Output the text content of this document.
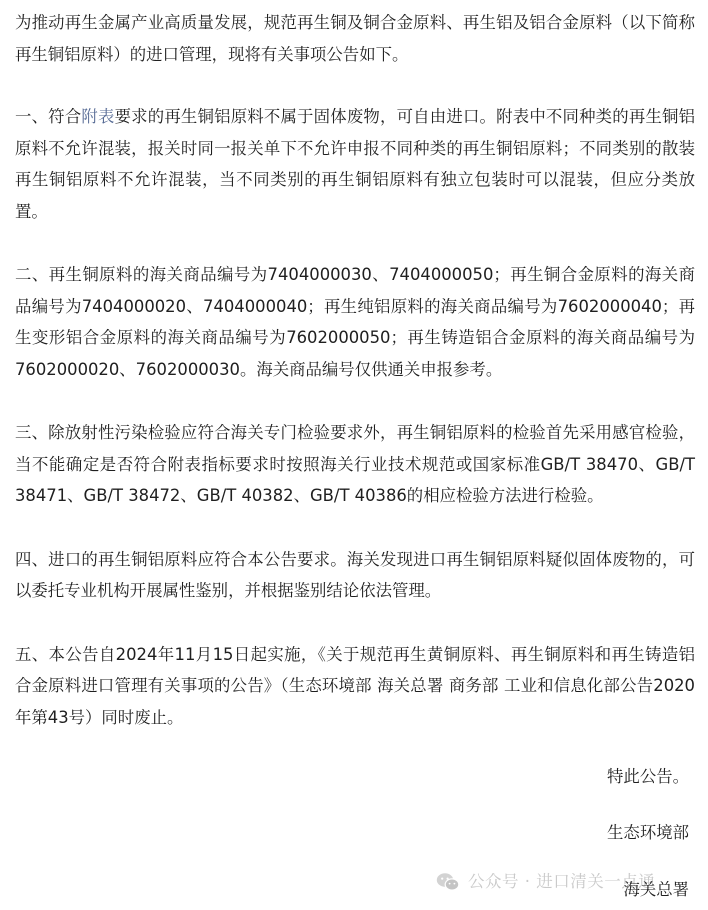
为推动再生金属产业高质量发展，规范再生铜及铜合金原料、再生铝及铝合金原料（以下简称再生铜铝原料）的进口管理，现将有关事项公告如下。

一、符合附表要求的再生铜铝原料不属于固体废物，可自由进口。附表中不同种类的再生铜铝原料不允许混装，报关时同一报关单下不允许申报不同种类的再生铜铝原料；不同类别的散装再生铜铝原料不允许混装，当不同类别的再生铜铝原料有独立包装时可以混装，但应分类放置。

二、再生铜原料的海关商品编号为7404000030、7404000050；再生铜合金原料的海关商品编号为7404000020、7404000040；再生纯铝原料的海关商品编号为7602000040；再生变形铝合金原料的海关商品编号为7602000050；再生铸造铝合金原料的海关商品编号为7602000020、7602000030。海关商品编号仅供通关申报参考。

三、除放射性污染检验应符合海关专门检验要求外，再生铜铝原料的检验首先采用感官检验，当不能确定是否符合附表指标要求时按照海关行业技术规范或国家标准GB/T 38470、GB/T 38471、GB/T 38472、GB/T 40382、GB/T 40386的相应检验方法进行检验。

四、进口的再生铜铝原料应符合本公告要求。海关发现进口再生铜铝原料疑似固体废物的，可以委托专业机构开展属性鉴别，并根据鉴别结论依法管理。

五、本公告自2024年11月15日起实施，《关于规范再生黄铜原料、再生铜原料和再生铸造铝合金原料进口管理有关事项的公告》（生态环境部 海关总署 商务部 工业和信息化部公告2020年第43号）同时废止。

特此公告。

生态环境部

公众号 · 进口清关一点通

海关总署
